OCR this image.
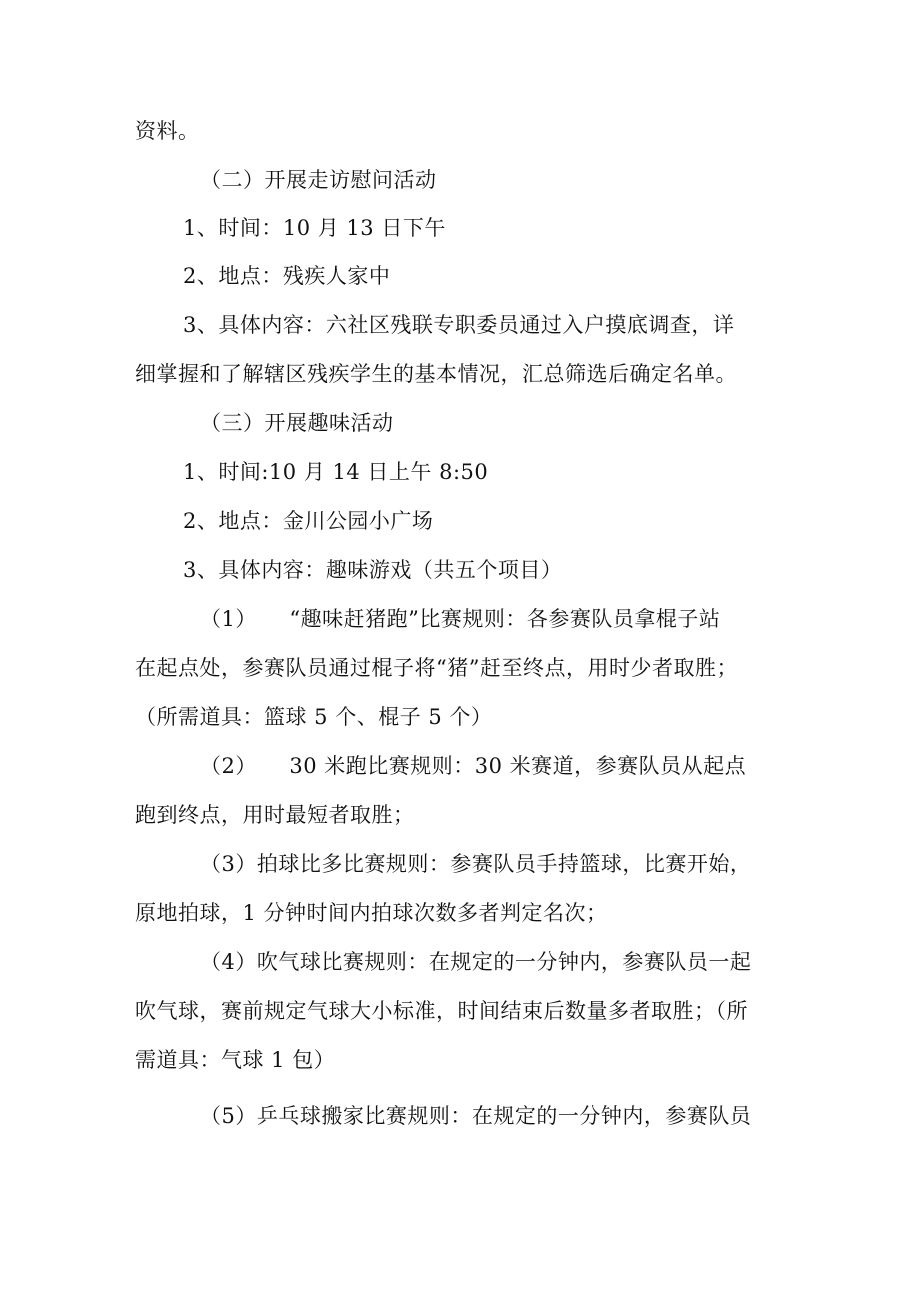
资料。
（二）开展走访慰问活动
1、时间：10 月 13 日下午
2、地点：残疾人家中
3、具体内容：六社区残联专职委员通过入户摸底调查，详
细掌握和了解辖区残疾学生的基本情况，汇总筛选后确定名单。
（三）开展趣味活动
1、时间:10 月 14 日上午 8:50
2、地点：金川公园小广场
3、具体内容：趣味游戏（共五个项目）
（1）　　“趣味赶猪跑”比赛规则：各参赛队员拿棍子站
在起点处，参赛队员通过棍子将“猪”赶至终点，用时少者取胜；
（所需道具：篮球 5 个、棍子 5 个）
（2）　　30 米跑比赛规则：30 米赛道，参赛队员从起点
跑到终点，用时最短者取胜；
（3）拍球比多比赛规则：参赛队员手持篮球，比赛开始，
原地拍球，1 分钟时间内拍球次数多者判定名次；
（4）吹气球比赛规则：在规定的一分钟内，参赛队员一起
吹气球，赛前规定气球大小标准，时间结束后数量多者取胜；（所
需道具：气球 1 包）
（5）乒乓球搬家比赛规则：在规定的一分钟内，参赛队员
